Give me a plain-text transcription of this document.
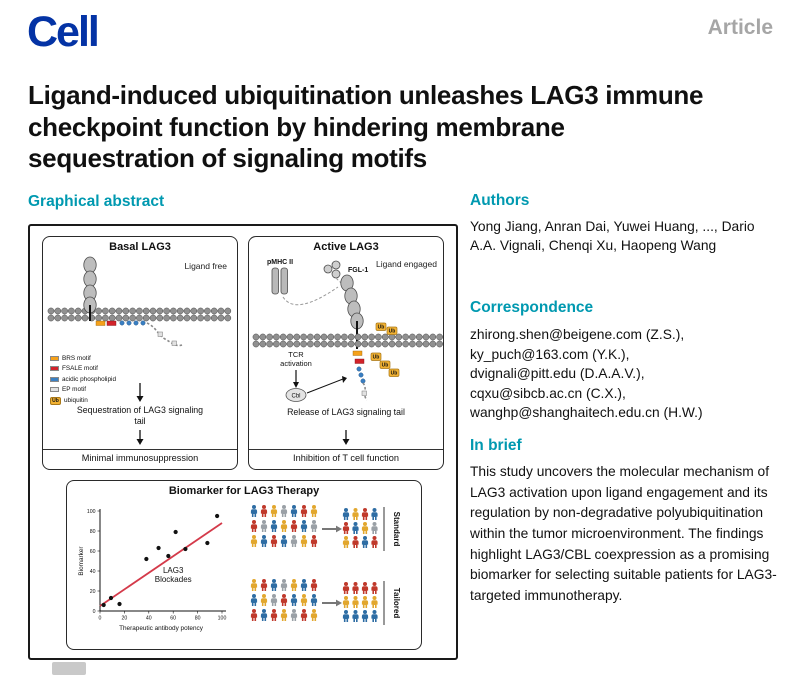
Cell	Article
Ligand-induced ubiquitination unleashes LAG3 immune checkpoint function by hindering membrane sequestration of signaling motifs
Graphical abstract
Basal LAG3
Ligand free
BRS motif
FSALE motif
acidic phospholipid
EP motif
Ub ubiquitin
Sequestration of LAG3 signaling tail
Minimal immunosuppression
Active LAG3
Ligand engaged
pMHC II
FGL-1
Ub
Ub
Ub
Ub
Ub
TCR
activation
Cbl
Release of LAG3 signaling tail
Inhibition of T cell function
Biomarker for LAG3 Therapy
0	20	40	60	80	100
0
20
40
60
80
100
Therapeutic antibody potency
Biomarker	LAG3
Blockades
Standard
Tailored
Authors
Yong Jiang, Anran Dai, Yuwei Huang, ..., Dario A.A. Vignali, Chenqi Xu, Haopeng Wang
Correspondence
zhirong.shen@beigene.com (Z.S.),
ky_puch@163.com (Y.K.),
dvignali@pitt.edu (D.A.A.V.),
cqxu@sibcb.ac.cn (C.X.),
wanghp@shanghaitech.edu.cn (H.W.)
In brief
This study uncovers the molecular mechanism of LAG3 activation upon ligand engagement and its regulation by non-degradative polyubiquitination within the tumor microenvironment. The findings highlight LAG3/CBL coexpression as a promising biomarker for selecting suitable patients for LAG3-targeted immunotherapy.
